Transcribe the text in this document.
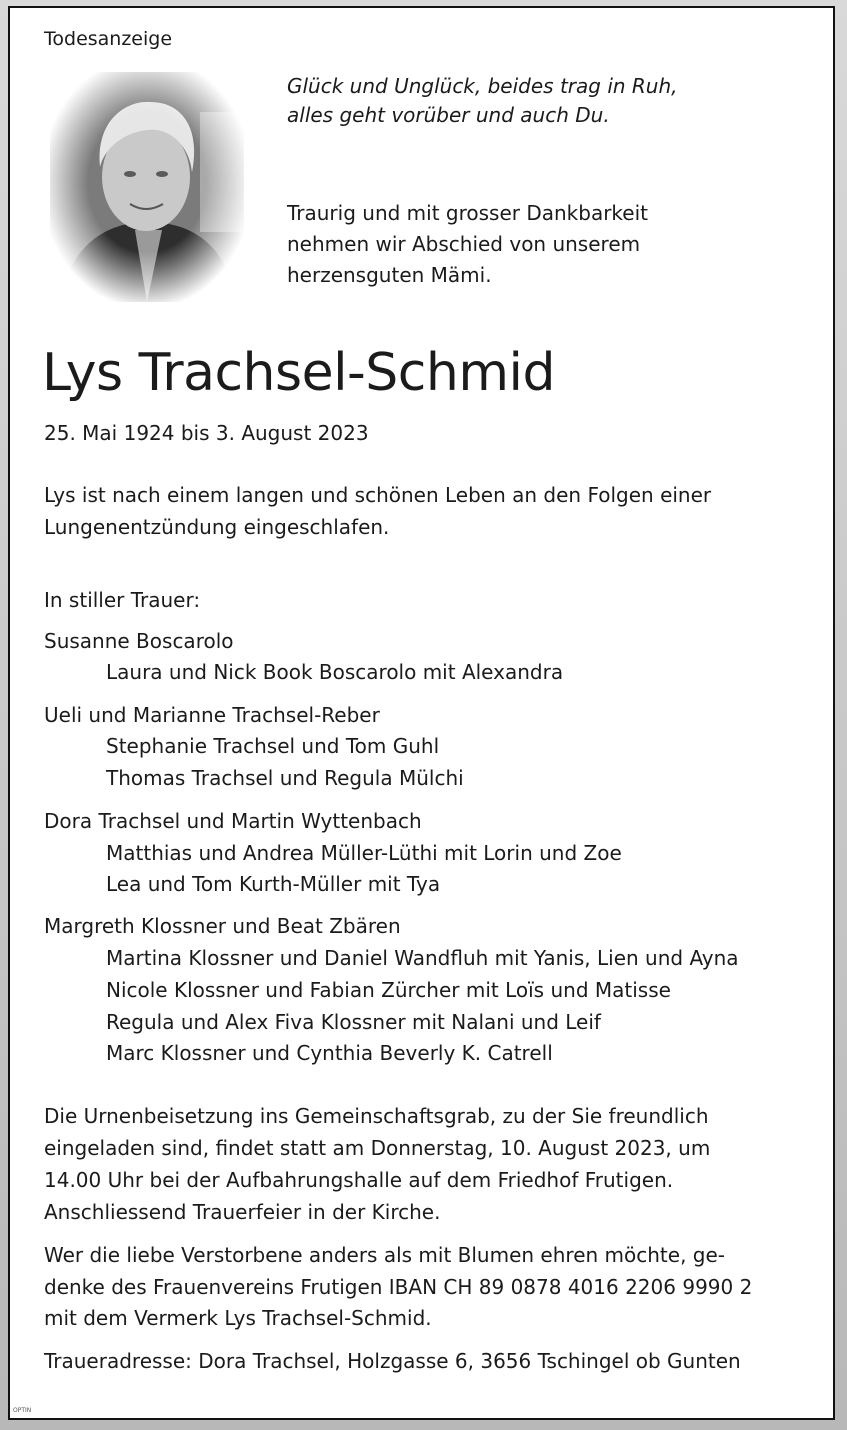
Todesanzeige
Glück und Unglück, beides trag in Ruh,
alles geht vorüber und auch Du.
Traurig und mit grosser Dankbarkeit
nehmen wir Abschied von unserem
herzensguten Mämi.
Lys Trachsel-Schmid
25. Mai 1924 bis 3. August 2023
Lys ist nach einem langen und schönen Leben an den Folgen einer
Lungenentzündung eingeschlafen.
In stiller Trauer:
Susanne Boscarolo
Laura und Nick Book Boscarolo mit Alexandra
Ueli und Marianne Trachsel-Reber
Stephanie Trachsel und Tom Guhl
Thomas Trachsel und Regula Mülchi
Dora Trachsel und Martin Wyttenbach
Matthias und Andrea Müller-Lüthi mit Lorin und Zoe
Lea und Tom Kurth-Müller mit Tya
Margreth Klossner und Beat Zbären
Martina Klossner und Daniel Wandfluh mit Yanis, Lien und Ayna
Nicole Klossner und Fabian Zürcher mit Loïs und Matisse
Regula und Alex Fiva Klossner mit Nalani und Leif
Marc Klossner und Cynthia Beverly K. Catrell
Die Urnenbeisetzung ins Gemeinschaftsgrab, zu der Sie freundlich
eingeladen sind, findet statt am Donnerstag, 10. August 2023, um
14.00 Uhr bei der Aufbahrungshalle auf dem Friedhof Frutigen.
Anschliessend Trauerfeier in der Kirche.
Wer die liebe Verstorbene anders als mit Blumen ehren möchte, ge-
denke des Frauenvereins Frutigen IBAN CH 89 0878 4016 2206 9990 2
mit dem Vermerk Lys Trachsel-Schmid.
Traueradresse: Dora Trachsel, Holzgasse 6, 3656 Tschingel ob Gunten
OPTIN
